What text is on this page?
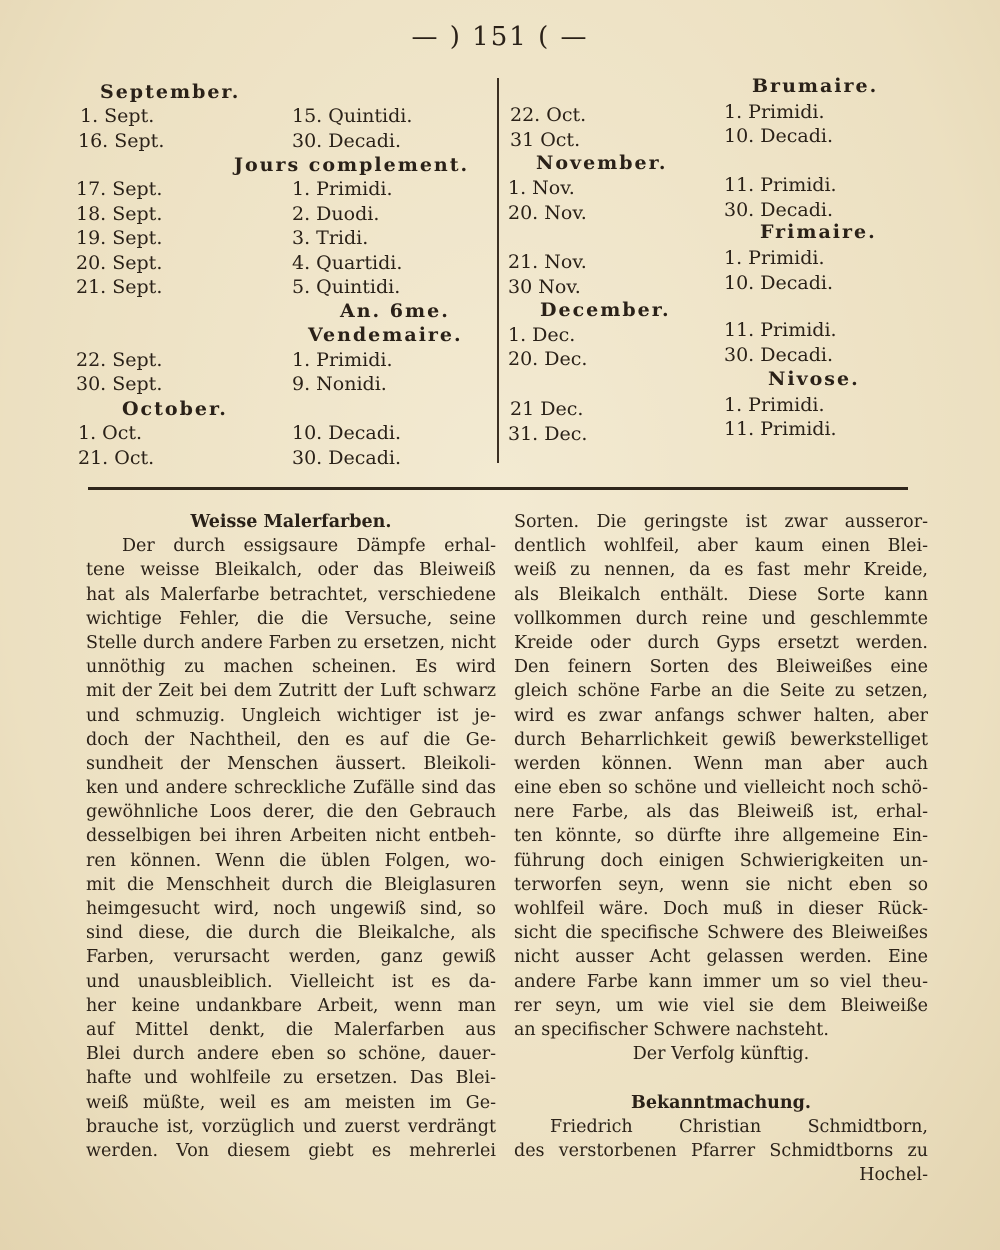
— ) 151 ( —
September.
1. Sept.	15. Quintidi.
16. Sept.	30. Decadi.
Jours complement.
17. Sept.	1. Primidi.
18. Sept.	2. Duodi.
19. Sept.	3. Tridi.
20. Sept.	4. Quartidi.
21. Sept.	5. Quintidi.
An. 6me.
Vendemaire.
22. Sept.	1. Primidi.
30. Sept.	9. Nonidi.
October.
1. Oct.	10. Decadi.
21. Oct.	30. Decadi.
Brumaire.
22. Oct.	1. Primidi.
31 Oct.	10. Decadi.
November.
1. Nov.	11. Primidi.
20. Nov.	30. Decadi.
Frimaire.
21. Nov.	1. Primidi.
30 Nov.	10. Decadi.
December.
1. Dec.	11. Primidi.
20. Dec.	30. Decadi.
Nivose.
21 Dec.	1. Primidi.
31. Dec.	11. Primidi.
Weisse Malerfarben.
Der durch essigsaure Dämpfe erhal-
tene weisse Bleikalch, oder das Bleiweiß
hat als Malerfarbe betrachtet, verschiedene
wichtige Fehler, die die Versuche, seine
Stelle durch andere Farben zu ersetzen, nicht
unnöthig zu machen scheinen. Es wird
mit der Zeit bei dem Zutritt der Luft schwarz
und schmuzig. Ungleich wichtiger ist je-
doch der Nachtheil, den es auf die Ge-
sundheit der Menschen äussert. Bleikoli-
ken und andere schreckliche Zufälle sind das
gewöhnliche Loos derer, die den Gebrauch
desselbigen bei ihren Arbeiten nicht entbeh-
ren können. Wenn die üblen Folgen, wo-
mit die Menschheit durch die Bleiglasuren
heimgesucht wird, noch ungewiß sind, so
sind diese, die durch die Bleikalche, als
Farben, verursacht werden, ganz gewiß
und unausbleiblich. Vielleicht ist es da-
her keine undankbare Arbeit, wenn man
auf Mittel denkt, die Malerfarben aus
Blei durch andere eben so schöne, dauer-
hafte und wohlfeile zu ersetzen. Das Blei-
weiß müßte, weil es am meisten im Ge-
brauche ist, vorzüglich und zuerst verdrängt
werden. Von diesem giebt es mehrerlei
Sorten. Die geringste ist zwar ausseror-
dentlich wohlfeil, aber kaum einen Blei-
weiß zu nennen, da es fast mehr Kreide,
als Bleikalch enthält. Diese Sorte kann
vollkommen durch reine und geschlemmte
Kreide oder durch Gyps ersetzt werden.
Den feinern Sorten des Bleiweißes eine
gleich schöne Farbe an die Seite zu setzen,
wird es zwar anfangs schwer halten, aber
durch Beharrlichkeit gewiß bewerkstelliget
werden können. Wenn man aber auch
eine eben so schöne und vielleicht noch schö-
nere Farbe, als das Bleiweiß ist, erhal-
ten könnte, so dürfte ihre allgemeine Ein-
führung doch einigen Schwierigkeiten un-
terworfen seyn, wenn sie nicht eben so
wohlfeil wäre. Doch muß in dieser Rück-
sicht die specifische Schwere des Bleiweißes
nicht ausser Acht gelassen werden. Eine
andere Farbe kann immer um so viel theu-
rer seyn, um wie viel sie dem Bleiweiße
an specifischer Schwere nachsteht.
Der Verfolg künftig.
Bekanntmachung.
Friedrich Christian Schmidtborn,
des verstorbenen Pfarrer Schmidtborns zu
Hochel-
